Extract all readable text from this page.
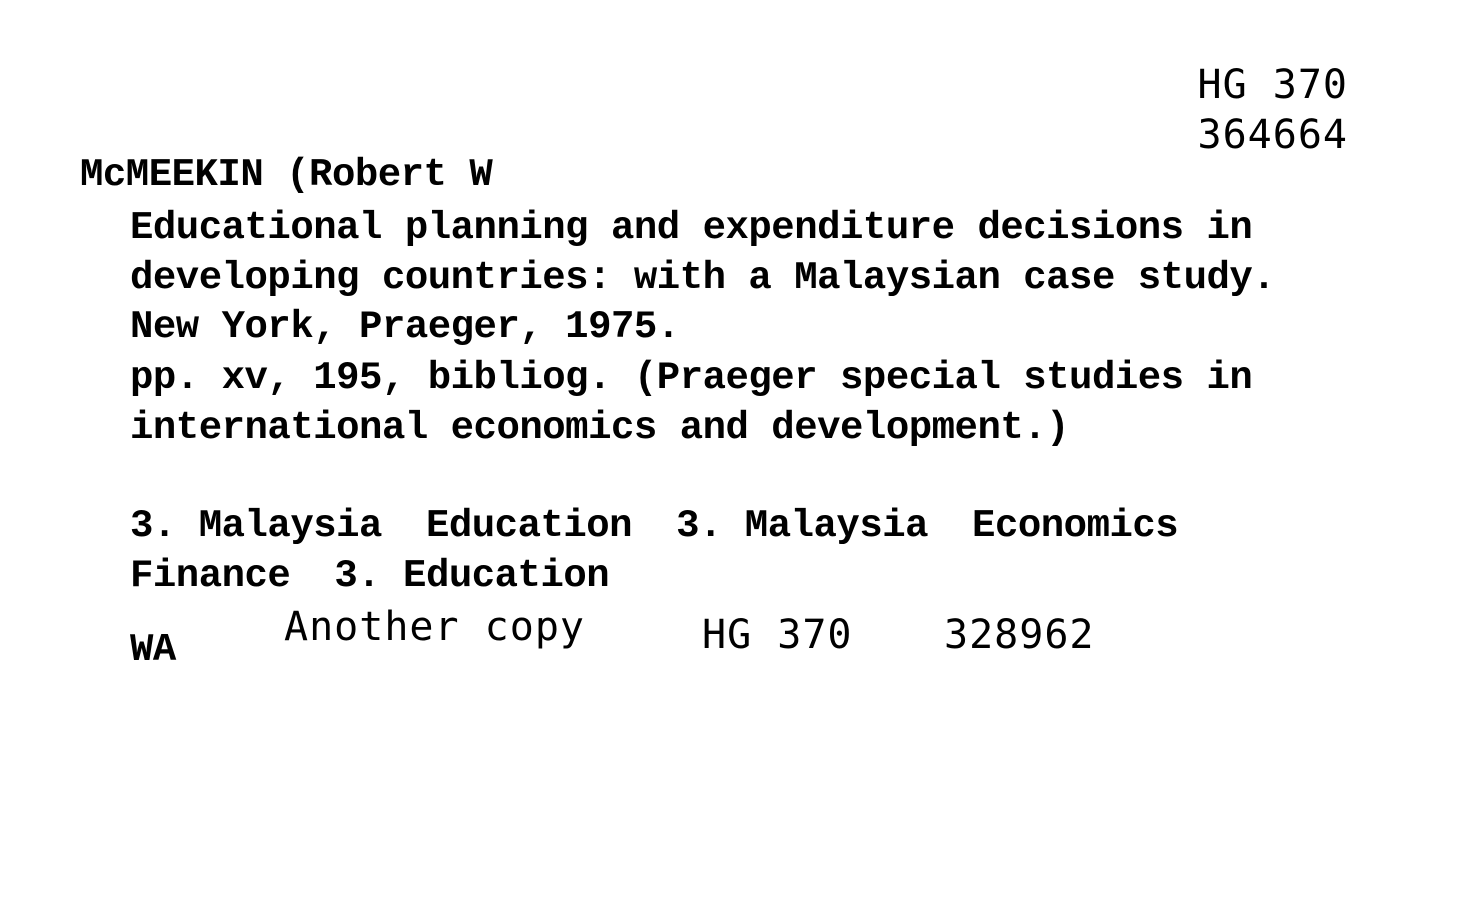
HG 370
364664
McMEEKIN (Robert W
Educational planning and expenditure decisions in
developing countries: with a Malaysian case study.
New York, Praeger, 1975.
pp. xv, 195, bibliog. (Praeger special studies in
international economics and development.)
3. Malaysia Education 3. Malaysia Economics
Finance 3. Education
WA	Another copy	HG 370 328962
